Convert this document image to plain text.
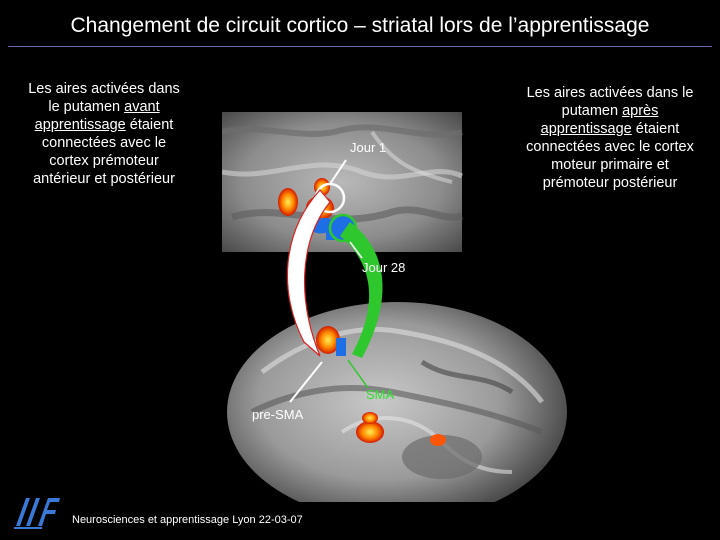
Changement de circuit cortico – striatal lors de l’apprentissage
Les aires activées dans
le putamen avant
apprentissage étaient
connectées avec le
cortex prémoteur
antérieur et postérieur
Les aires activées dans le
putamen après
apprentissage étaient
connectées avec le cortex
moteur primaire et
prémoteur postérieur
Jour 1
Jour 28
SMA
pre-SMA
Neurosciences et apprentissage Lyon 22-03-07
